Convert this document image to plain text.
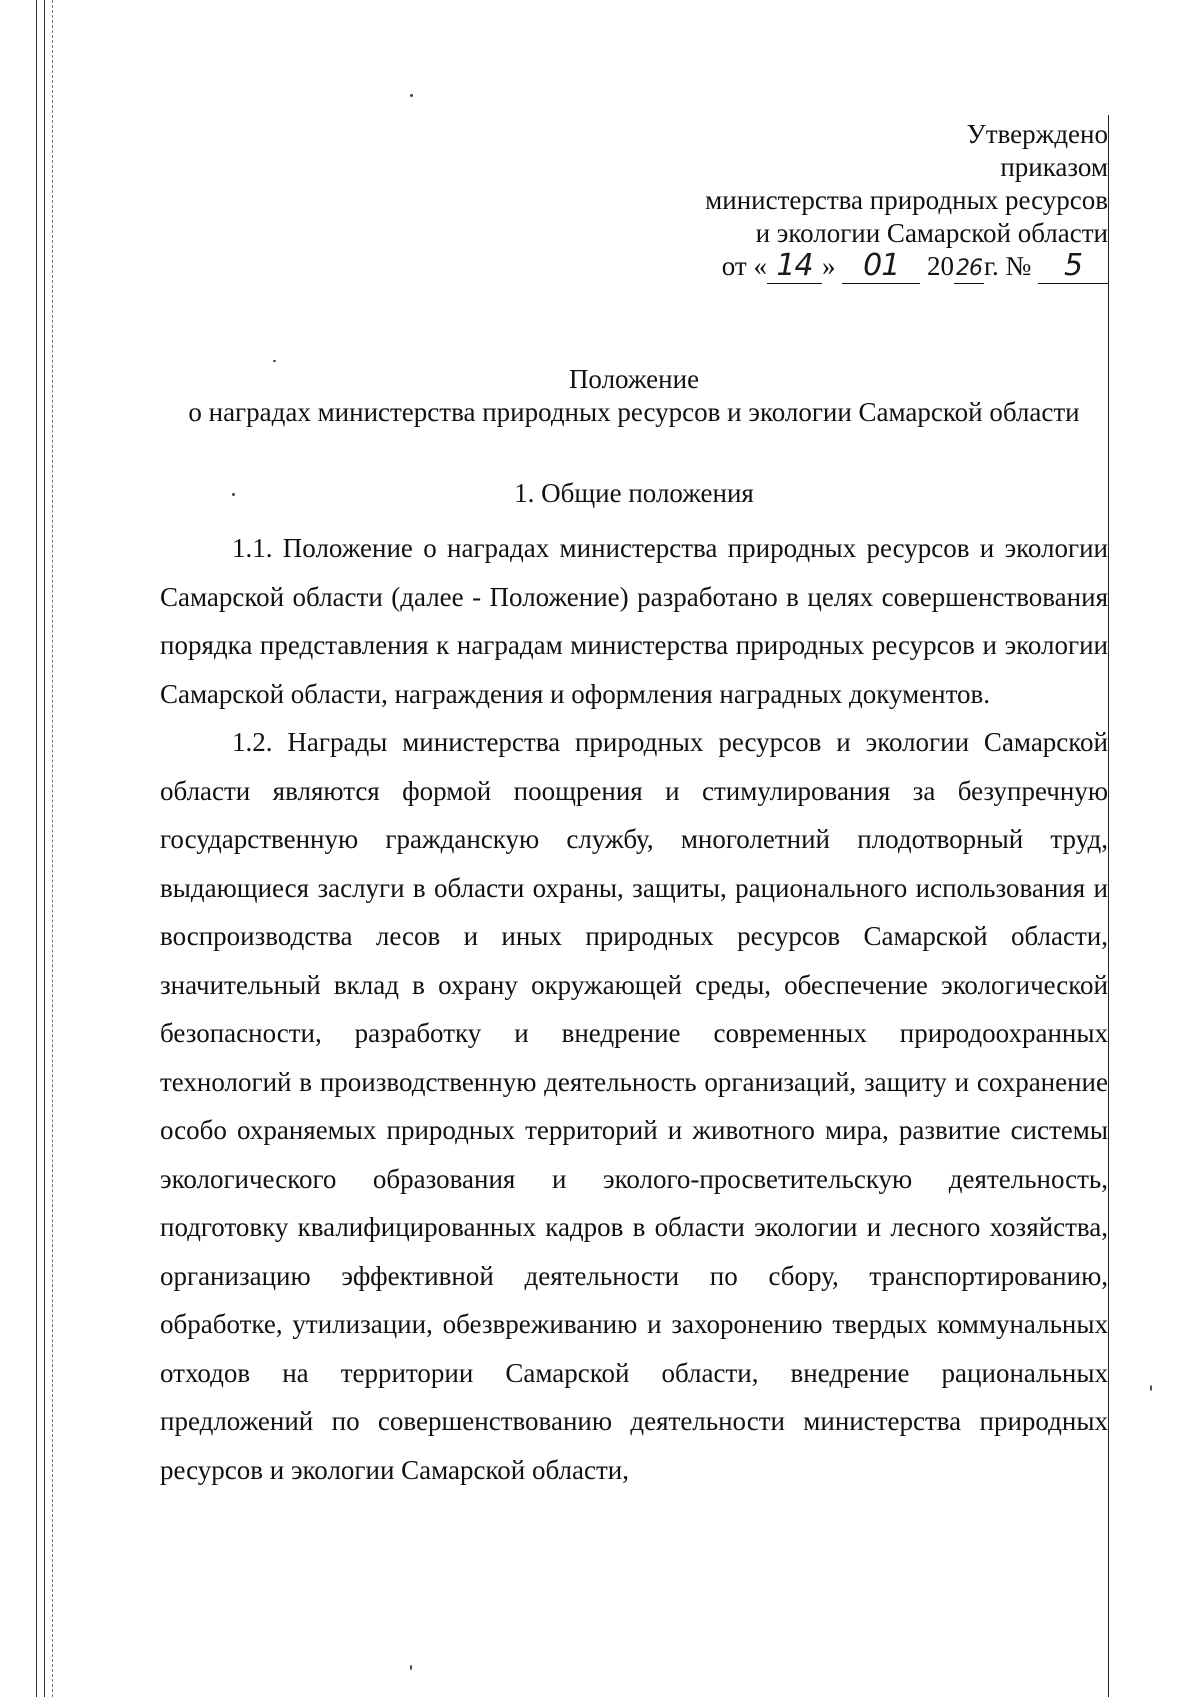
Утверждено
приказом
министерства природных ресурсов
и экологии Самарской области
от « 14 » 01 2026г. № 5
Положение
о наградах министерства природных ресурсов и экологии Самарской области
1. Общие положения

1.1. Положение о наградах министерства природных ресурсов и экологии Самарской области (далее - Положение) разработано в целях совершенствования порядка представления к наградам министерства природных ресурсов и экологии Самарской области, награждения и оформления наградных документов.

1.2. Награды министерства природных ресурсов и экологии Самарской области являются формой поощрения и стимулирования за безупречную государственную гражданскую службу, многолетний плодотворный труд, выдающиеся заслуги в области охраны, защиты, рационального использования и воспроизводства лесов и иных природных ресурсов Самарской области, значительный вклад в охрану окружающей среды, обеспечение экологической безопасности, разработку и внедрение современных природоохранных технологий в производственную деятельность организаций, защиту и сохранение особо охраняемых природных территорий и животного мира, развитие системы экологического образования и эколого-просветительскую деятельность, подготовку квалифицированных кадров в области экологии и лесного хозяйства, организацию эффективной деятельности по сбору, транспортированию, обработке, утилизации, обезвреживанию и захоронению твердых коммунальных отходов на территории Самарской области, внедрение рациональных предложений по совершенствованию деятельности министерства природных ресурсов и экологии Самарской области,
